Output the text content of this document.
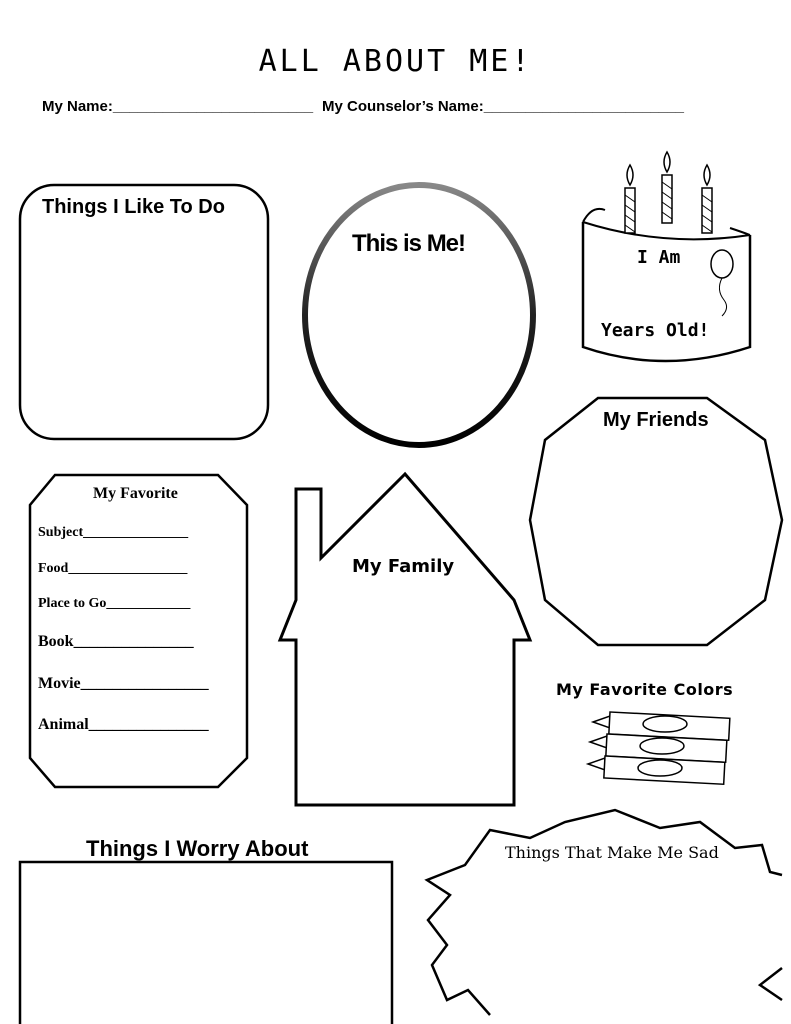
ALL ABOUT ME!
My Name:________________________ My Counselor’s Name:________________________
Things I Like To Do
This is Me!
I Am
Years Old!
My Friends
My Favorite
Subject_______________
Food_________________
Place to Go____________
Book_______________
Movie________________
Animal_______________
My Family
My Favorite Colors
Things I Worry About	Things That Make Me Sad
